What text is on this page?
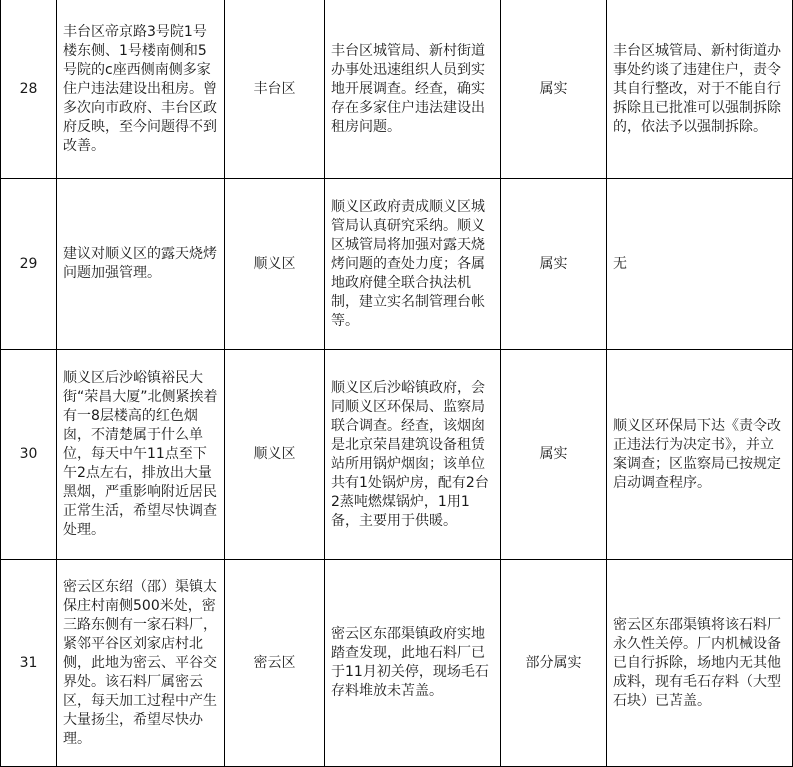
28	丰台区帝京路3号院1号楼东侧、1号楼南侧和5号院的c座西侧南侧多家住户违法建设出租房。曾多次向市政府、丰台区政府反映，至今问题得不到改善。	丰台区	丰台区城管局、新村街道办事处迅速组织人员到实地开展调查。经查，确实存在多家住户违法建设出租房问题。	属实	丰台区城管局、新村街道办事处约谈了违建住户，责令其自行整改，对于不能自行拆除且已批准可以强制拆除的，依法予以强制拆除。
29	建议对顺义区的露天烧烤问题加强管理。	顺义区	顺义区政府责成顺义区城管局认真研究采纳。顺义区城管局将加强对露天烧烤问题的查处力度；各属地政府健全联合执法机制，建立实名制管理台帐等。	属实	无
30	顺义区后沙峪镇裕民大街“荣昌大厦”北侧紧挨着有一8层楼高的红色烟囱，不清楚属于什么单位，每天中午11点至下午2点左右，排放出大量黑烟，严重影响附近居民正常生活，希望尽快调查处理。	顺义区	顺义区后沙峪镇政府，会同顺义区环保局、监察局联合调查。经查，该烟囱是北京荣昌建筑设备租赁站所用锅炉烟囱；该单位共有1处锅炉房，配有2台2蒸吨燃煤锅炉，1用1备，主要用于供暖。	属实	顺义区环保局下达《责令改正违法行为决定书》，并立案调查；区监察局已按规定启动调查程序。
31	密云区东绍（邵）渠镇太保庄村南侧500米处，密三路东侧有一家石料厂，紧邻平谷区刘家店村北侧，此地为密云、平谷交界处。该石料厂属密云区，每天加工过程中产生大量扬尘，希望尽快办理。	密云区	密云区东邵渠镇政府实地踏查发现，此地石料厂已于11月初关停，现场毛石存料堆放未苫盖。	部分属实	密云区东邵渠镇将该石料厂永久性关停。厂内机械设备已自行拆除，场地内无其他成料，现有毛石存料（大型石块）已苫盖。
